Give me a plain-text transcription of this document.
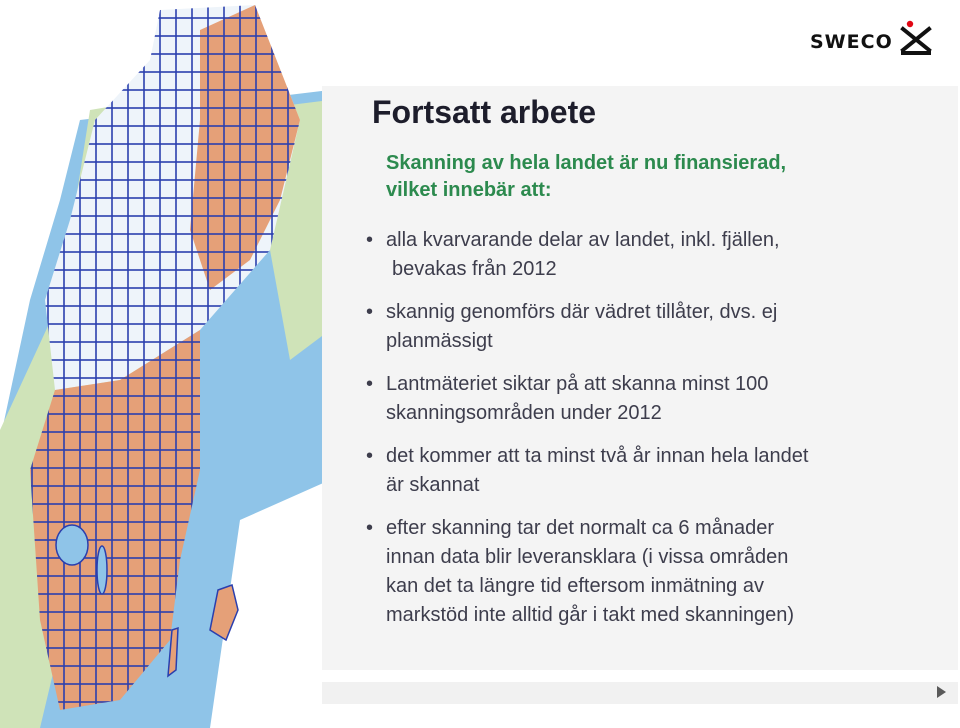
SWECO
Fortsatt arbete
Skanning av hela landet är nu finansierad,
vilket innebär att:
• alla kvarvarande delar av landet, inkl. fjällen,
bevakas från 2012
• skannig genomförs där vädret tillåter, dvs. ej
planmässigt
• Lantmäteriet siktar på att skanna minst 100
skanningsområden under 2012
• det kommer att ta minst två år innan hela landet
är skannat
• efter skanning tar det normalt ca 6 månader
innan data blir leveransklara (i vissa områden
kan det ta längre tid eftersom inmätning av
markstöd inte alltid går i takt med skanningen)
